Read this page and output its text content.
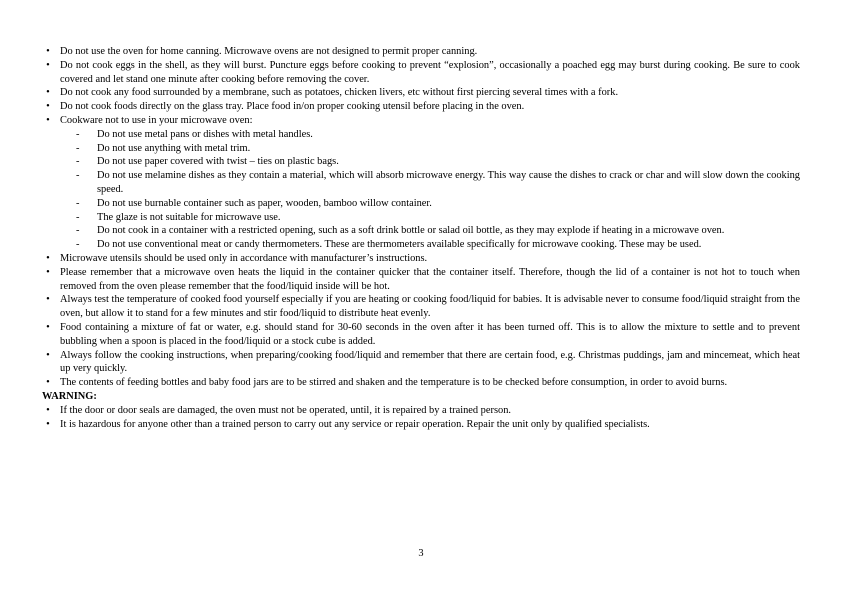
• Do not use the oven for home canning. Microwave ovens are not designed to permit proper canning.
• Do not cook eggs in the shell, as they will burst. Puncture eggs before cooking to prevent “explosion”, occasionally a poached egg may burst during cooking. Be sure to cook covered and let stand one minute after cooking before removing the cover.
• Do not cook any food surrounded by a membrane, such as potatoes, chicken livers, etc without first piercing several times with a fork.
• Do not cook foods directly on the glass tray. Place food in/on proper cooking utensil before placing in the oven.
• Cookware not to use in your microwave oven:
- Do not use metal pans or dishes with metal handles.
- Do not use anything with metal trim.
- Do not use paper covered with twist – ties on plastic bags.
- Do not use melamine dishes as they contain a material, which will absorb microwave energy. This way cause the dishes to crack or char and will slow down the cooking speed.
- Do not use burnable container such as paper, wooden, bamboo willow container.
- The glaze is not suitable for microwave use.
- Do not cook in a container with a restricted opening, such as a soft drink bottle or salad oil bottle, as they may explode if heating in a microwave oven.
- Do not use conventional meat or candy thermometers. These are thermometers available specifically for microwave cooking. These may be used.
• Microwave utensils should be used only in accordance with manufacturer’s instructions.
• Please remember that a microwave oven heats the liquid in the container quicker that the container itself. Therefore, though the lid of a container is not hot to touch when removed from the oven please remember that the food/liquid inside will be hot.
• Always test the temperature of cooked food yourself especially if you are heating or cooking food/liquid for babies. It is advisable never to consume food/liquid straight from the oven, but allow it to stand for a few minutes and stir food/liquid to distribute heat evenly.
• Food containing a mixture of fat or water, e.g. should stand for 30-60 seconds in the oven after it has been turned off. This is to allow the mixture to settle and to prevent bubbling when a spoon is placed in the food/liquid or a stock cube is added.
• Always follow the cooking instructions, when preparing/cooking food/liquid and remember that there are certain food, e.g. Christmas puddings, jam and mincemeat, which heat up very quickly.
• The contents of feeding bottles and baby food jars are to be stirred and shaken and the temperature is to be checked before consumption, in order to avoid burns.
WARNING:
• If the door or door seals are damaged, the oven must not be operated, until, it is repaired by a trained person.
• It is hazardous for anyone other than a trained person to carry out any service or repair operation. Repair the unit only by qualified specialists.
3
